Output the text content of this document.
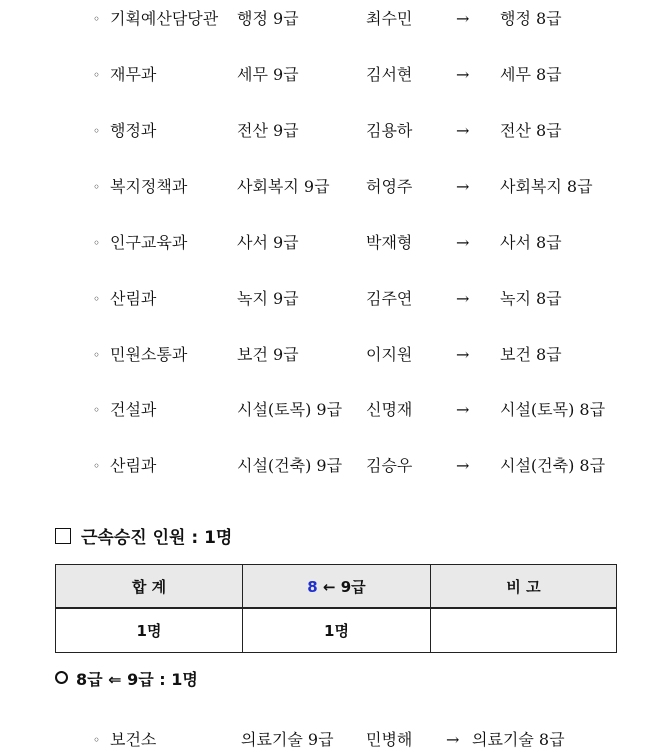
◦ 기획예산담당관 행정 9급	최수민	→ 행정 8급
◦ 재무과	세무 9급	김서현	→ 세무 8급
◦ 행정과	전산 9급	김용하	→ 전산 8급
◦ 복지정책과	사회복지 9급 허영주	→ 사회복지 8급
◦ 인구교육과	사서 9급	박재형	→ 사서 8급
◦ 산림과	녹지 9급	김주연	→ 녹지 8급
◦ 민원소통과	보건 9급	이지원	→ 보건 8급
◦ 건설과	시설(토목) 9급 신명재	→ 시설(토목) 8급
◦ 산림과	시설(건축) 9급 김승우	→ 시설(건축) 8급
근속승진 인원 : 1명
합 계	8 ← 9급	비 고
1명	1명	
8급 ⇐ 9급 : 1명
◦ 보건소	의료기술 9급 민병해 → 의료기술 8급
